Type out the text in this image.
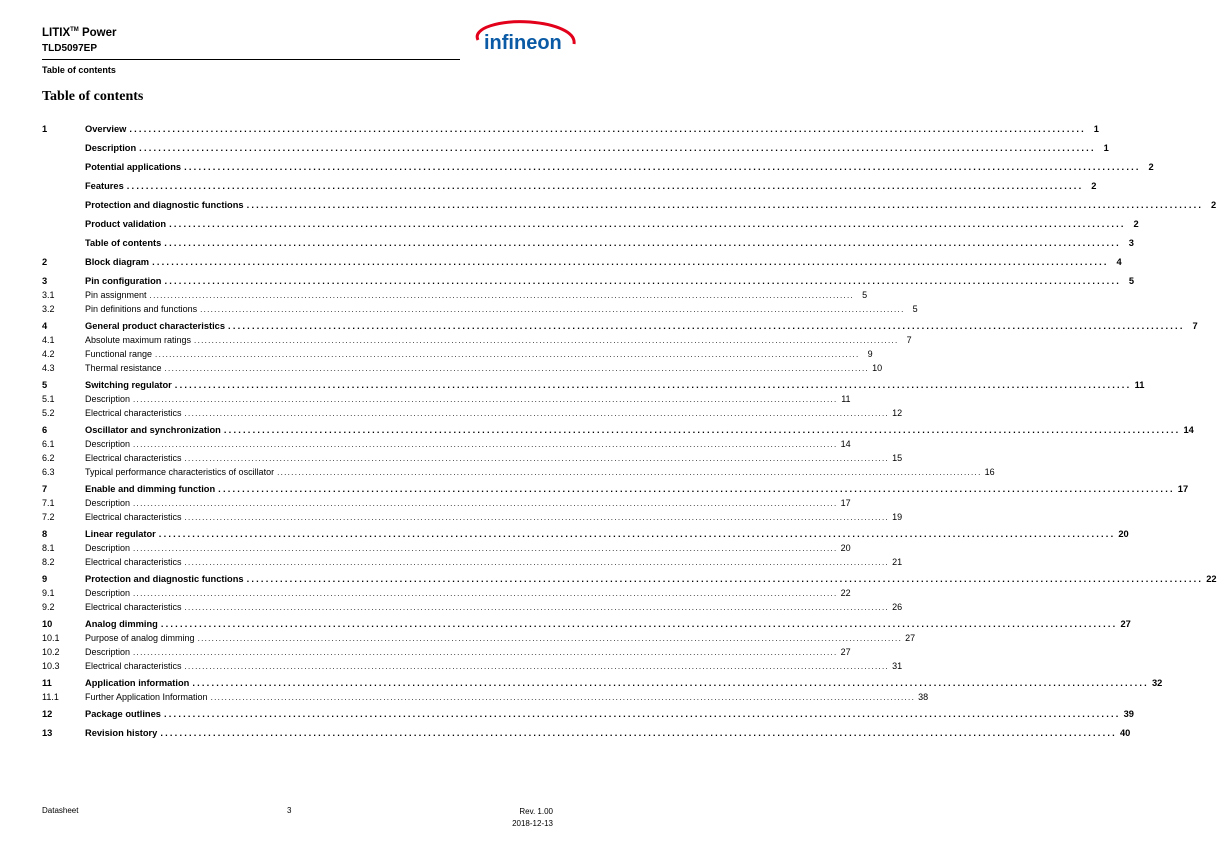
LITIX™ Power
TLD5097EP
Table of contents
infineon
Table of contents
1	Overview ........................................................................................................................................................................................................ 1
Description ........................................................................................................................................................................................................ 1
Potential applications ........................................................................................................................................................................................................ 2
Features ........................................................................................................................................................................................................ 2
Protection and diagnostic functions ........................................................................................................................................................................................................ 2
Product validation ........................................................................................................................................................................................................ 2
Table of contents ........................................................................................................................................................................................................ 3
2	Block diagram ........................................................................................................................................................................................................ 4
3	Pin configuration ........................................................................................................................................................................................................ 5
3.1	Pin assignment ........................................................................................................................................................................................................ 5
3.2	Pin definitions and functions ........................................................................................................................................................................................................ 5
4	General product characteristics ........................................................................................................................................................................................................ 7
4.1	Absolute maximum ratings ........................................................................................................................................................................................................ 7
4.2	Functional range ........................................................................................................................................................................................................ 9
4.3	Thermal resistance ........................................................................................................................................................................................................ 10
5	Switching regulator ........................................................................................................................................................................................................ 11
5.1	Description ........................................................................................................................................................................................................ 11
5.2	Electrical characteristics ........................................................................................................................................................................................................ 12
6	Oscillator and synchronization ........................................................................................................................................................................................................ 14
6.1	Description ........................................................................................................................................................................................................ 14
6.2	Electrical characteristics ........................................................................................................................................................................................................ 15
6.3	Typical performance characteristics of oscillator ........................................................................................................................................................................................................ 16
7	Enable and dimming function ........................................................................................................................................................................................................ 17
7.1	Description ........................................................................................................................................................................................................ 17
7.2	Electrical characteristics ........................................................................................................................................................................................................ 19
8	Linear regulator ........................................................................................................................................................................................................ 20
8.1	Description ........................................................................................................................................................................................................ 20
8.2	Electrical characteristics ........................................................................................................................................................................................................ 21
9	Protection and diagnostic functions ........................................................................................................................................................................................................ 22
9.1	Description ........................................................................................................................................................................................................ 22
9.2	Electrical characteristics ........................................................................................................................................................................................................ 26
10	Analog dimming ........................................................................................................................................................................................................ 27
10.1	Purpose of analog dimming ........................................................................................................................................................................................................ 27
10.2	Description ........................................................................................................................................................................................................ 27
10.3	Electrical characteristics ........................................................................................................................................................................................................ 31
11	Application information ........................................................................................................................................................................................................ 32
11.1	Further Application Information ........................................................................................................................................................................................................ 38
12	Package outlines ........................................................................................................................................................................................................ 39
13	Revision history ........................................................................................................................................................................................................ 40
Datasheet	3	Rev. 1.00
2018-12-13
